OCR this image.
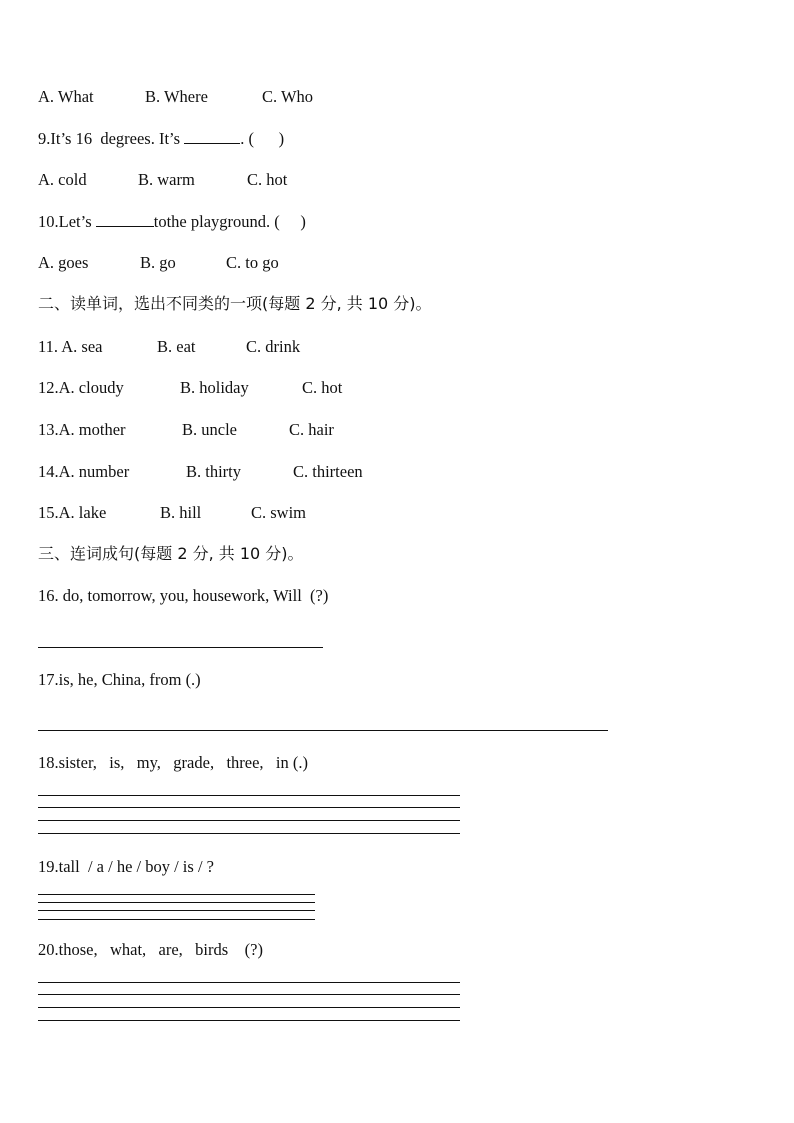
A. What	B. Where	C. Who
9.It’s 16  degrees. It’s	. (      )
A. cold	B. warm	C. hot
10.Let’s	tothe playground. (     )
A. goes	B. go	C. to go
二、读单词，选出不同类的一项(每题 2 分, 共 10 分)。
11. A. sea	B. eat	C. drink
12.A. cloudy	B. holiday	C. hot
13.A. mother	B. uncle	C. hair
14.A. number	B. thirty	C. thirteen
15.A. lake	B. hill	C. swim
三、连词成句(每题 2 分, 共 10 分)。
16. do, tomorrow, you, housework, Will  (?)
17.is, he, China, from (.)
18.sister,   is,   my,   grade,   three,   in (.)
19.tall  / a / he / boy / is / ?
20.those,   what,   are,   birds    (?)
